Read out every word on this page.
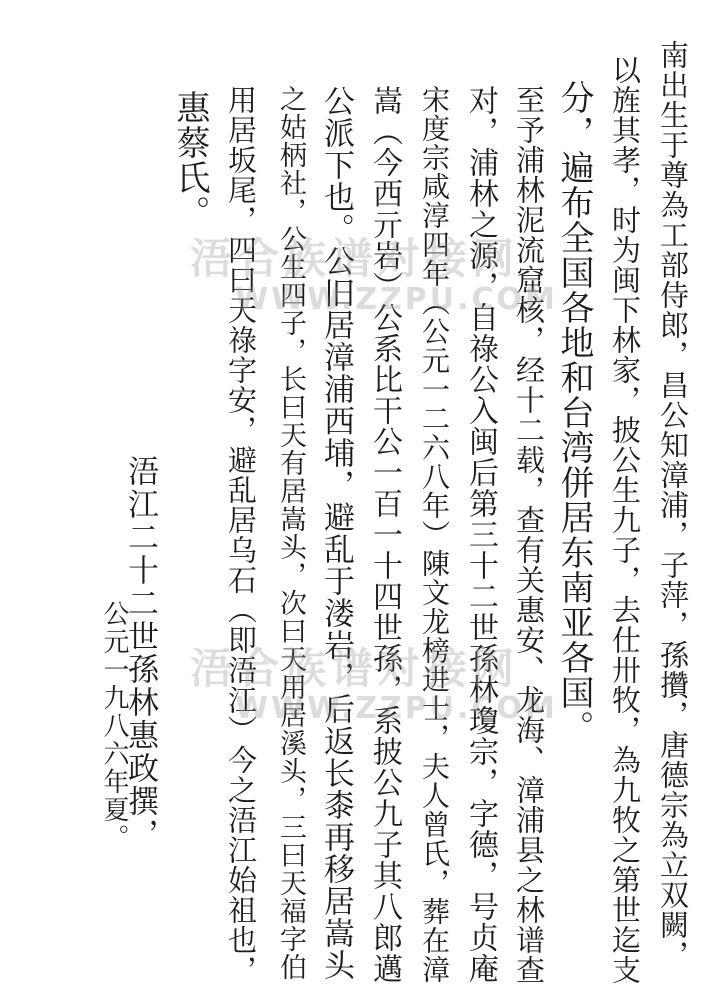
南出生于尊為工部侍郎，昌公知漳浦，子萍，孫攢，唐德宗為立双闕，
以旌其孝，时为闽下林家，披公生九子，去仕卅牧，為九牧之第世迄支
分，遍布全国各地和台湾併居东南亚各国。
至予浦林泥流窟核，经十二载，查有关惠安、龙海、漳浦县之林谱查
对，浦林之源，自祿公入闽后第三十二世孫林瓊宗，字德，号贞庵
宋度宗咸淳四年（公元一二六八年）陳文龙榜进士，夫人曾氏，葬在漳
嵩（今西亓岩）公系比干公一百一十四世孫，系披公九子其八郎邁
公派下也。公旧居漳浦西埔，避乱于溇岩，后返长桼再移居嵩头
之姑柄社，公生四子，长曰天有居嵩头，次曰天用居溪头，三曰天福字伯
用居坂尾，四曰天祿字安，避乱居乌石（即浯江）今之浯江始祖也，
惠蔡氏。
浯江二十二世孫林惠政撰，
公元一九八六年夏。
浯合族谱对接网
WWW.ZZPU.COM
浯合族谱对接网
WWW.ZZPU.COM
